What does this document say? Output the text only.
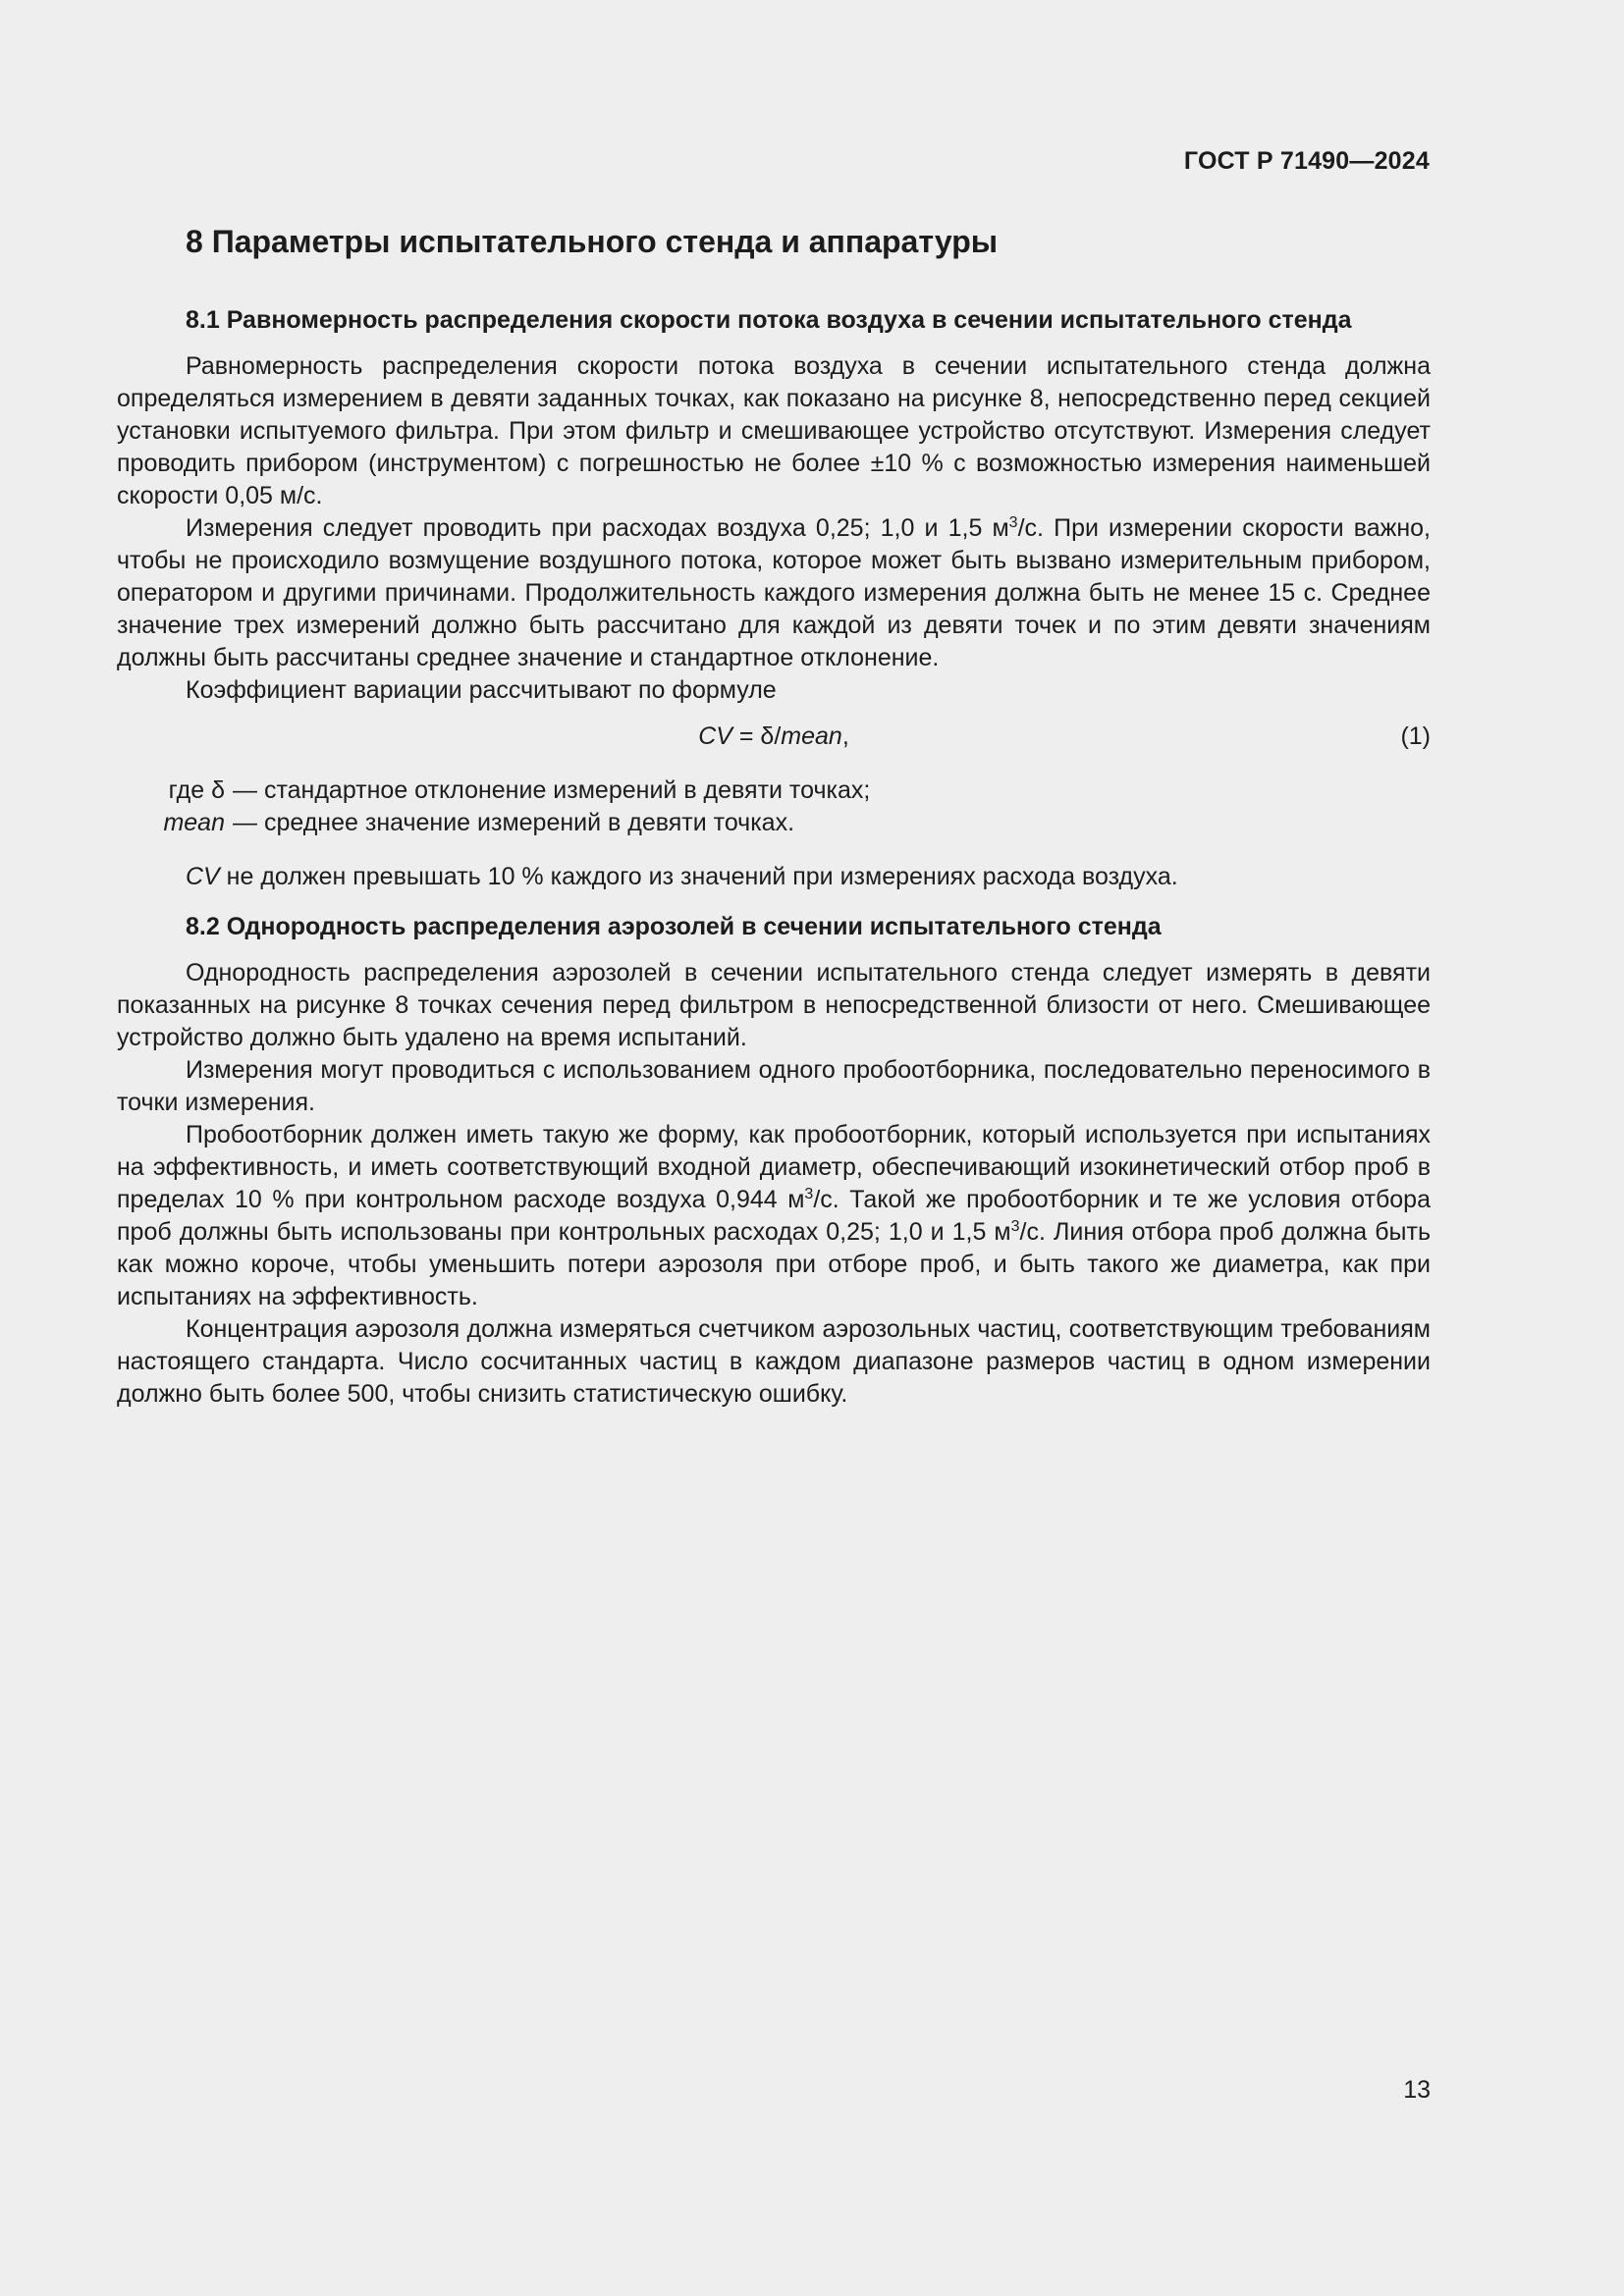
ГОСТ Р 71490—2024
8 Параметры испытательного стенда и аппаратуры
8.1 Равномерность распределения скорости потока воздуха в сечении испытательного стенда

Равномерность распределения скорости потока воздуха в сечении испытательного стенда должна определяться измерением в девяти заданных точках, как показано на рисунке 8, непосредственно перед секцией установки испытуемого фильтра. При этом фильтр и смешивающее устройство отсутствуют. Измерения следует проводить прибором (инструментом) с погрешностью не более ±10 % с возможностью измерения наименьшей скорости 0,05 м/с.

Измерения следует проводить при расходах воздуха 0,25; 1,0 и 1,5 $м^3/с$. При измерении скорости важно, чтобы не происходило возмущение воздушного потока, которое может быть вызвано измерительным прибором, оператором и другими причинами. Продолжительность каждого измерения должна быть не менее 15 с. Среднее значение трех измерений должно быть рассчитано для каждой из девяти точек и по этим девяти значениям должны быть рассчитаны среднее значение и стандартное отклонение.

Коэффициент вариации рассчитывают по формуле

CV = δ/mean,	(1)
где δ — стандартное отклонение измерений в девяти точках;
mean — среднее значение измерений в девяти точках.

CV не должен превышать 10 % каждого из значений при измерениях расхода воздуха.

8.2 Однородность распределения аэрозолей в сечении испытательного стенда

Однородность распределения аэрозолей в сечении испытательного стенда следует измерять в девяти показанных на рисунке 8 точках сечения перед фильтром в непосредственной близости от него. Смешивающее устройство должно быть удалено на время испытаний.

Измерения могут проводиться с использованием одного пробоотборника, последовательно переносимого в точки измерения.

Пробоотборник должен иметь такую же форму, как пробоотборник, который используется при испытаниях на эффективность, и иметь соответствующий входной диаметр, обеспечивающий изокинетический отбор проб в пределах 10 % при контрольном расходе воздуха 0,944 $м^3/с$. Такой же пробоотборник и те же условия отбора проб должны быть использованы при контрольных расходах 0,25; 1,0 и 1,5 $м^3/с$. Линия отбора проб должна быть как можно короче, чтобы уменьшить потери аэрозоля при отборе проб, и быть такого же диаметра, как при испытаниях на эффективность.

Концентрация аэрозоля должна измеряться счетчиком аэрозольных частиц, соответствующим требованиям настоящего стандарта. Число сосчитанных частиц в каждом диапазоне размеров частиц в одном измерении должно быть более 500, чтобы снизить статистическую ошибку.

13
